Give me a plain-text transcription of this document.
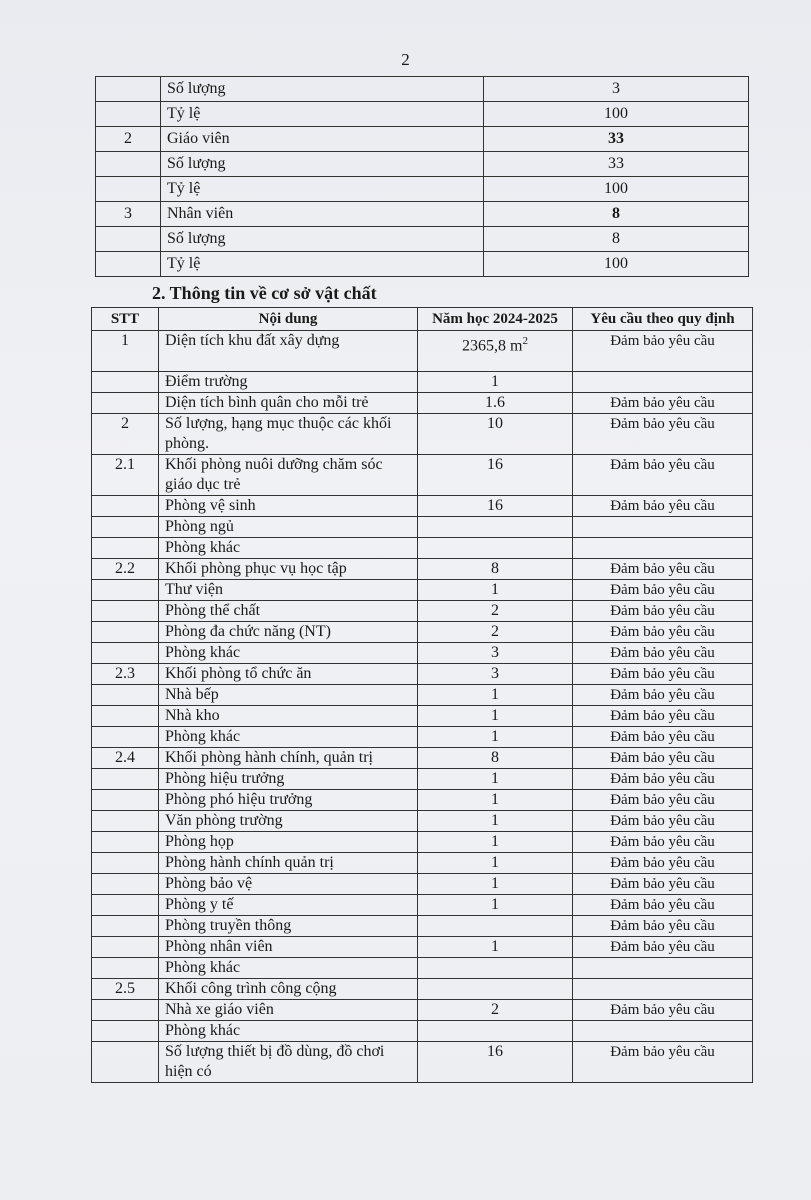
2
	Số lượng	3
	Tỷ lệ	100
2	Giáo viên	33
	Số lượng	33
	Tỷ lệ	100
3	Nhân viên	8
	Số lượng	8
	Tỷ lệ	100
2. Thông tin về cơ sở vật chất
STT	Nội dung	Năm học 2024-2025	Yêu cầu theo quy định
1	Diện tích khu đất xây dựng	2365,8 $m^2$	Đảm bảo yêu cầu
	Điểm trường	1	
	Diện tích bình quân cho mỗi trẻ	1.6	Đảm bảo yêu cầu
2	Số lượng, hạng mục thuộc các khối phòng.	10	Đảm bảo yêu cầu
2.1	Khối phòng nuôi dưỡng chăm sóc giáo dục trẻ	16	Đảm bảo yêu cầu
	Phòng vệ sinh	16	Đảm bảo yêu cầu
	Phòng ngủ		
	Phòng khác		
2.2	Khối phòng phục vụ học tập	8	Đảm bảo yêu cầu
	Thư viện	1	Đảm bảo yêu cầu
	Phòng thể chất	2	Đảm bảo yêu cầu
	Phòng đa chức năng (NT)	2	Đảm bảo yêu cầu
	Phòng khác	3	Đảm bảo yêu cầu
2.3	Khối phòng tổ chức ăn	3	Đảm bảo yêu cầu
	Nhà bếp	1	Đảm bảo yêu cầu
	Nhà kho	1	Đảm bảo yêu cầu
	Phòng khác	1	Đảm bảo yêu cầu
2.4	Khối phòng hành chính, quản trị	8	Đảm bảo yêu cầu
	Phòng hiệu trưởng	1	Đảm bảo yêu cầu
	Phòng phó hiệu trưởng	1	Đảm bảo yêu cầu
	Văn phòng trường	1	Đảm bảo yêu cầu
	Phòng họp	1	Đảm bảo yêu cầu
	Phòng hành chính quản trị	1	Đảm bảo yêu cầu
	Phòng bảo vệ	1	Đảm bảo yêu cầu
	Phòng y tế	1	Đảm bảo yêu cầu
	Phòng truyền thông		Đảm bảo yêu cầu
	Phòng nhân viên	1	Đảm bảo yêu cầu
	Phòng khác		
2.5	Khối công trình công cộng		
	Nhà xe giáo viên	2	Đảm bảo yêu cầu
	Phòng khác		
	Số lượng thiết bị đồ dùng, đồ chơi hiện có	16	Đảm bảo yêu cầu
